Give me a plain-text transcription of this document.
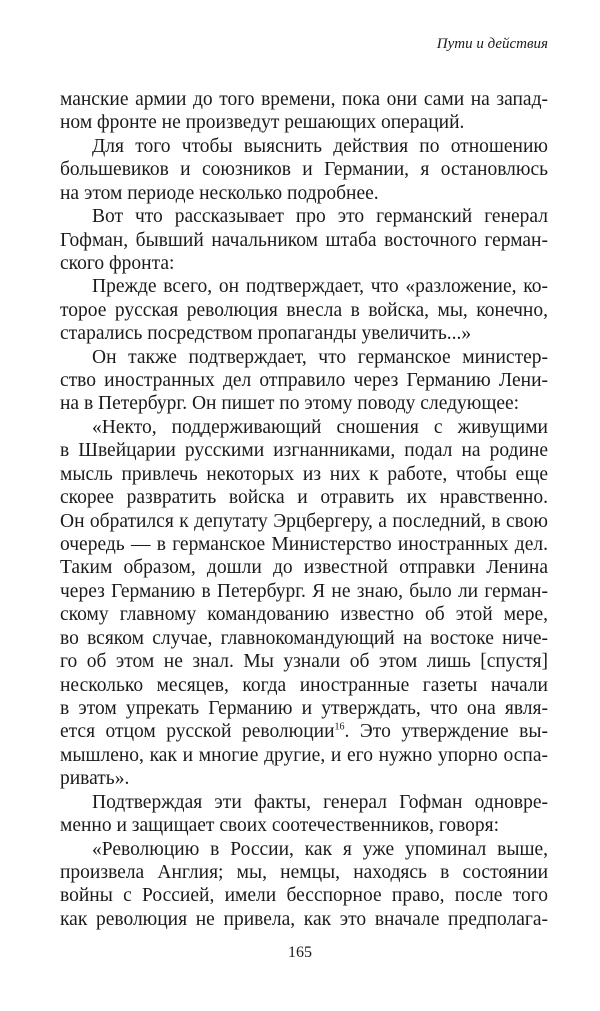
Пути и действия
манские армии до того времени, пока они сами на запад-
ном фронте не произведут решающих операций.
Для того чтобы выяснить действия по отношению
большевиков и союзников и Германии, я остановлюсь
на этом периоде несколько подробнее.
Вот что рассказывает про это германский генерал
Гофман, бывший начальником штаба восточного герман-
ского фронта:
Прежде всего, он подтверждает, что «разложение, ко-
торое русская революция внесла в войска, мы, конечно,
старались посредством пропаганды увеличить...»
Он также подтверждает, что германское министер-
ство иностранных дел отправило через Германию Лени-
на в Петербург. Он пишет по этому поводу следующее:
«Некто, поддерживающий сношения с живущими
в Швейцарии русскими изгнанниками, подал на родине
мысль привлечь некоторых из них к работе, чтобы еще
скорее развратить войска и отравить их нравственно.
Он обратился к депутату Эрцбергеру, а последний, в свою
очередь — в германское Министерство иностранных дел.
Таким образом, дошли до известной отправки Ленина
через Германию в Петербург. Я не знаю, было ли герман-
скому главному командованию известно об этой мере,
во всяком случае, главнокомандующий на востоке ниче-
го об этом не знал. Мы узнали об этом лишь [спустя]
несколько месяцев, когда иностранные газеты начали
в этом упрекать Германию и утверждать, что она явля-
ется отцом русской революции$^{16}$. Это утверждение вы-
мышлено, как и многие другие, и его нужно упорно оспа-
ривать».
Подтверждая эти факты, генерал Гофман одновре-
менно и защищает своих соотечественников, говоря:
«Революцию в России, как я уже упоминал выше,
произвела Англия; мы, немцы, находясь в состоянии
войны с Россией, имели бесспорное право, после того
как революция не привела, как это вначале предполага-
165
